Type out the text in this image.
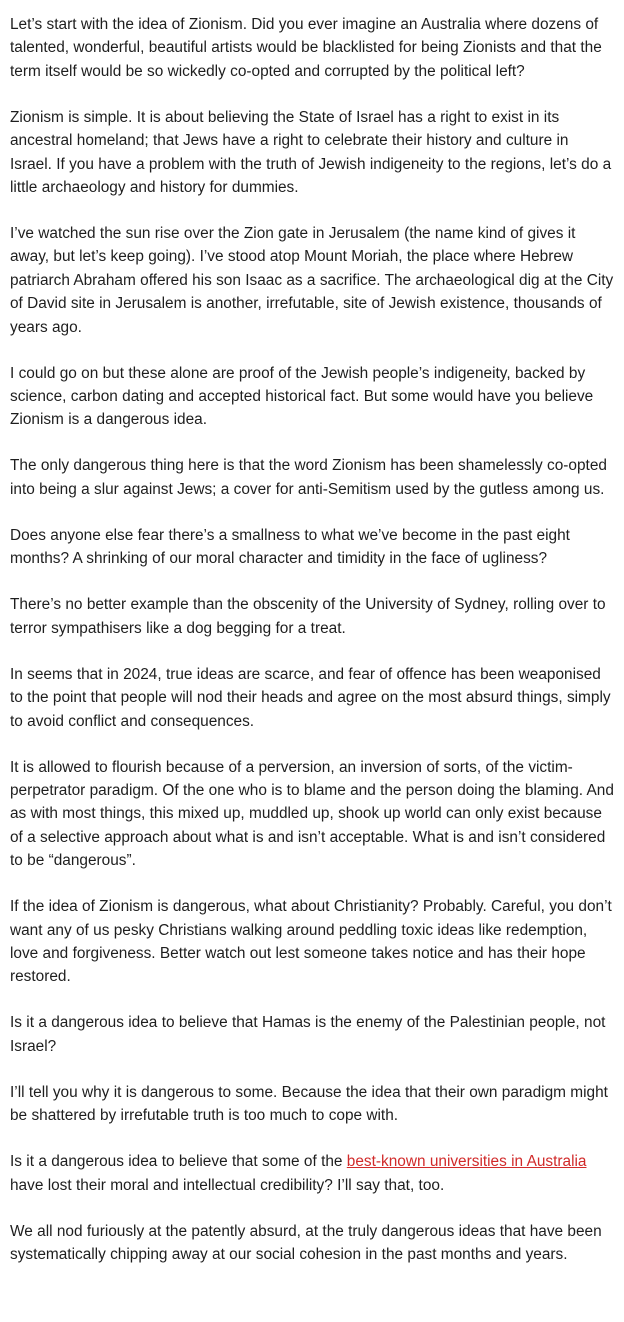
Let’s start with the idea of Zionism. Did you ever imagine an Australia where dozens of talented, wonderful, beautiful artists would be blacklisted for being Zionists and that the term itself would be so wickedly co-opted and corrupted by the political left?

Zionism is simple. It is about believing the State of Israel has a right to exist in its ancestral homeland; that Jews have a right to celebrate their history and culture in Israel. If you have a problem with the truth of Jewish indigeneity to the regions, let’s do a little archaeology and history for dummies.

I’ve watched the sun rise over the Zion gate in Jerusalem (the name kind of gives it away, but let’s keep going). I’ve stood atop Mount Moriah, the place where Hebrew patriarch Abraham offered his son Isaac as a sacrifice. The archaeological dig at the City of David site in Jerusalem is another, irrefutable, site of Jewish existence, thousands of years ago.

I could go on but these alone are proof of the Jewish people’s indigeneity, backed by science, carbon dating and accepted historical fact. But some would have you believe Zionism is a dangerous idea.

The only dangerous thing here is that the word Zionism has been shamelessly co-opted into being a slur against Jews; a cover for anti-Semitism used by the gutless among us.

Does anyone else fear there’s a smallness to what we’ve become in the past eight months? A shrinking of our moral character and timidity in the face of ugliness?

There’s no better example than the obscenity of the University of Sydney, rolling over to terror sympathisers like a dog begging for a treat.

In seems that in 2024, true ideas are scarce, and fear of offence has been weaponised to the point that people will nod their heads and agree on the most absurd things, simply to avoid conflict and consequences.

It is allowed to flourish because of a perversion, an inversion of sorts, of the victim-perpetrator paradigm. Of the one who is to blame and the person doing the blaming. And as with most things, this mixed up, muddled up, shook up world can only exist because of a selective approach about what is and isn’t acceptable. What is and isn’t considered to be “dangerous”.

If the idea of Zionism is dangerous, what about Christianity? Probably. Careful, you don’t want any of us pesky Christians walking around peddling toxic ideas like redemption, love and forgiveness. Better watch out lest someone takes notice and has their hope restored.

Is it a dangerous idea to believe that Hamas is the enemy of the Palestinian people, not Israel?

I’ll tell you why it is dangerous to some. Because the idea that their own paradigm might be shattered by irrefutable truth is too much to cope with.

Is it a dangerous idea to believe that some of the best-known universities in Australia have lost their moral and intellectual credibility? I’ll say that, too.

We all nod furiously at the patently absurd, at the truly dangerous ideas that have been systematically chipping away at our social cohesion in the past months and years.
